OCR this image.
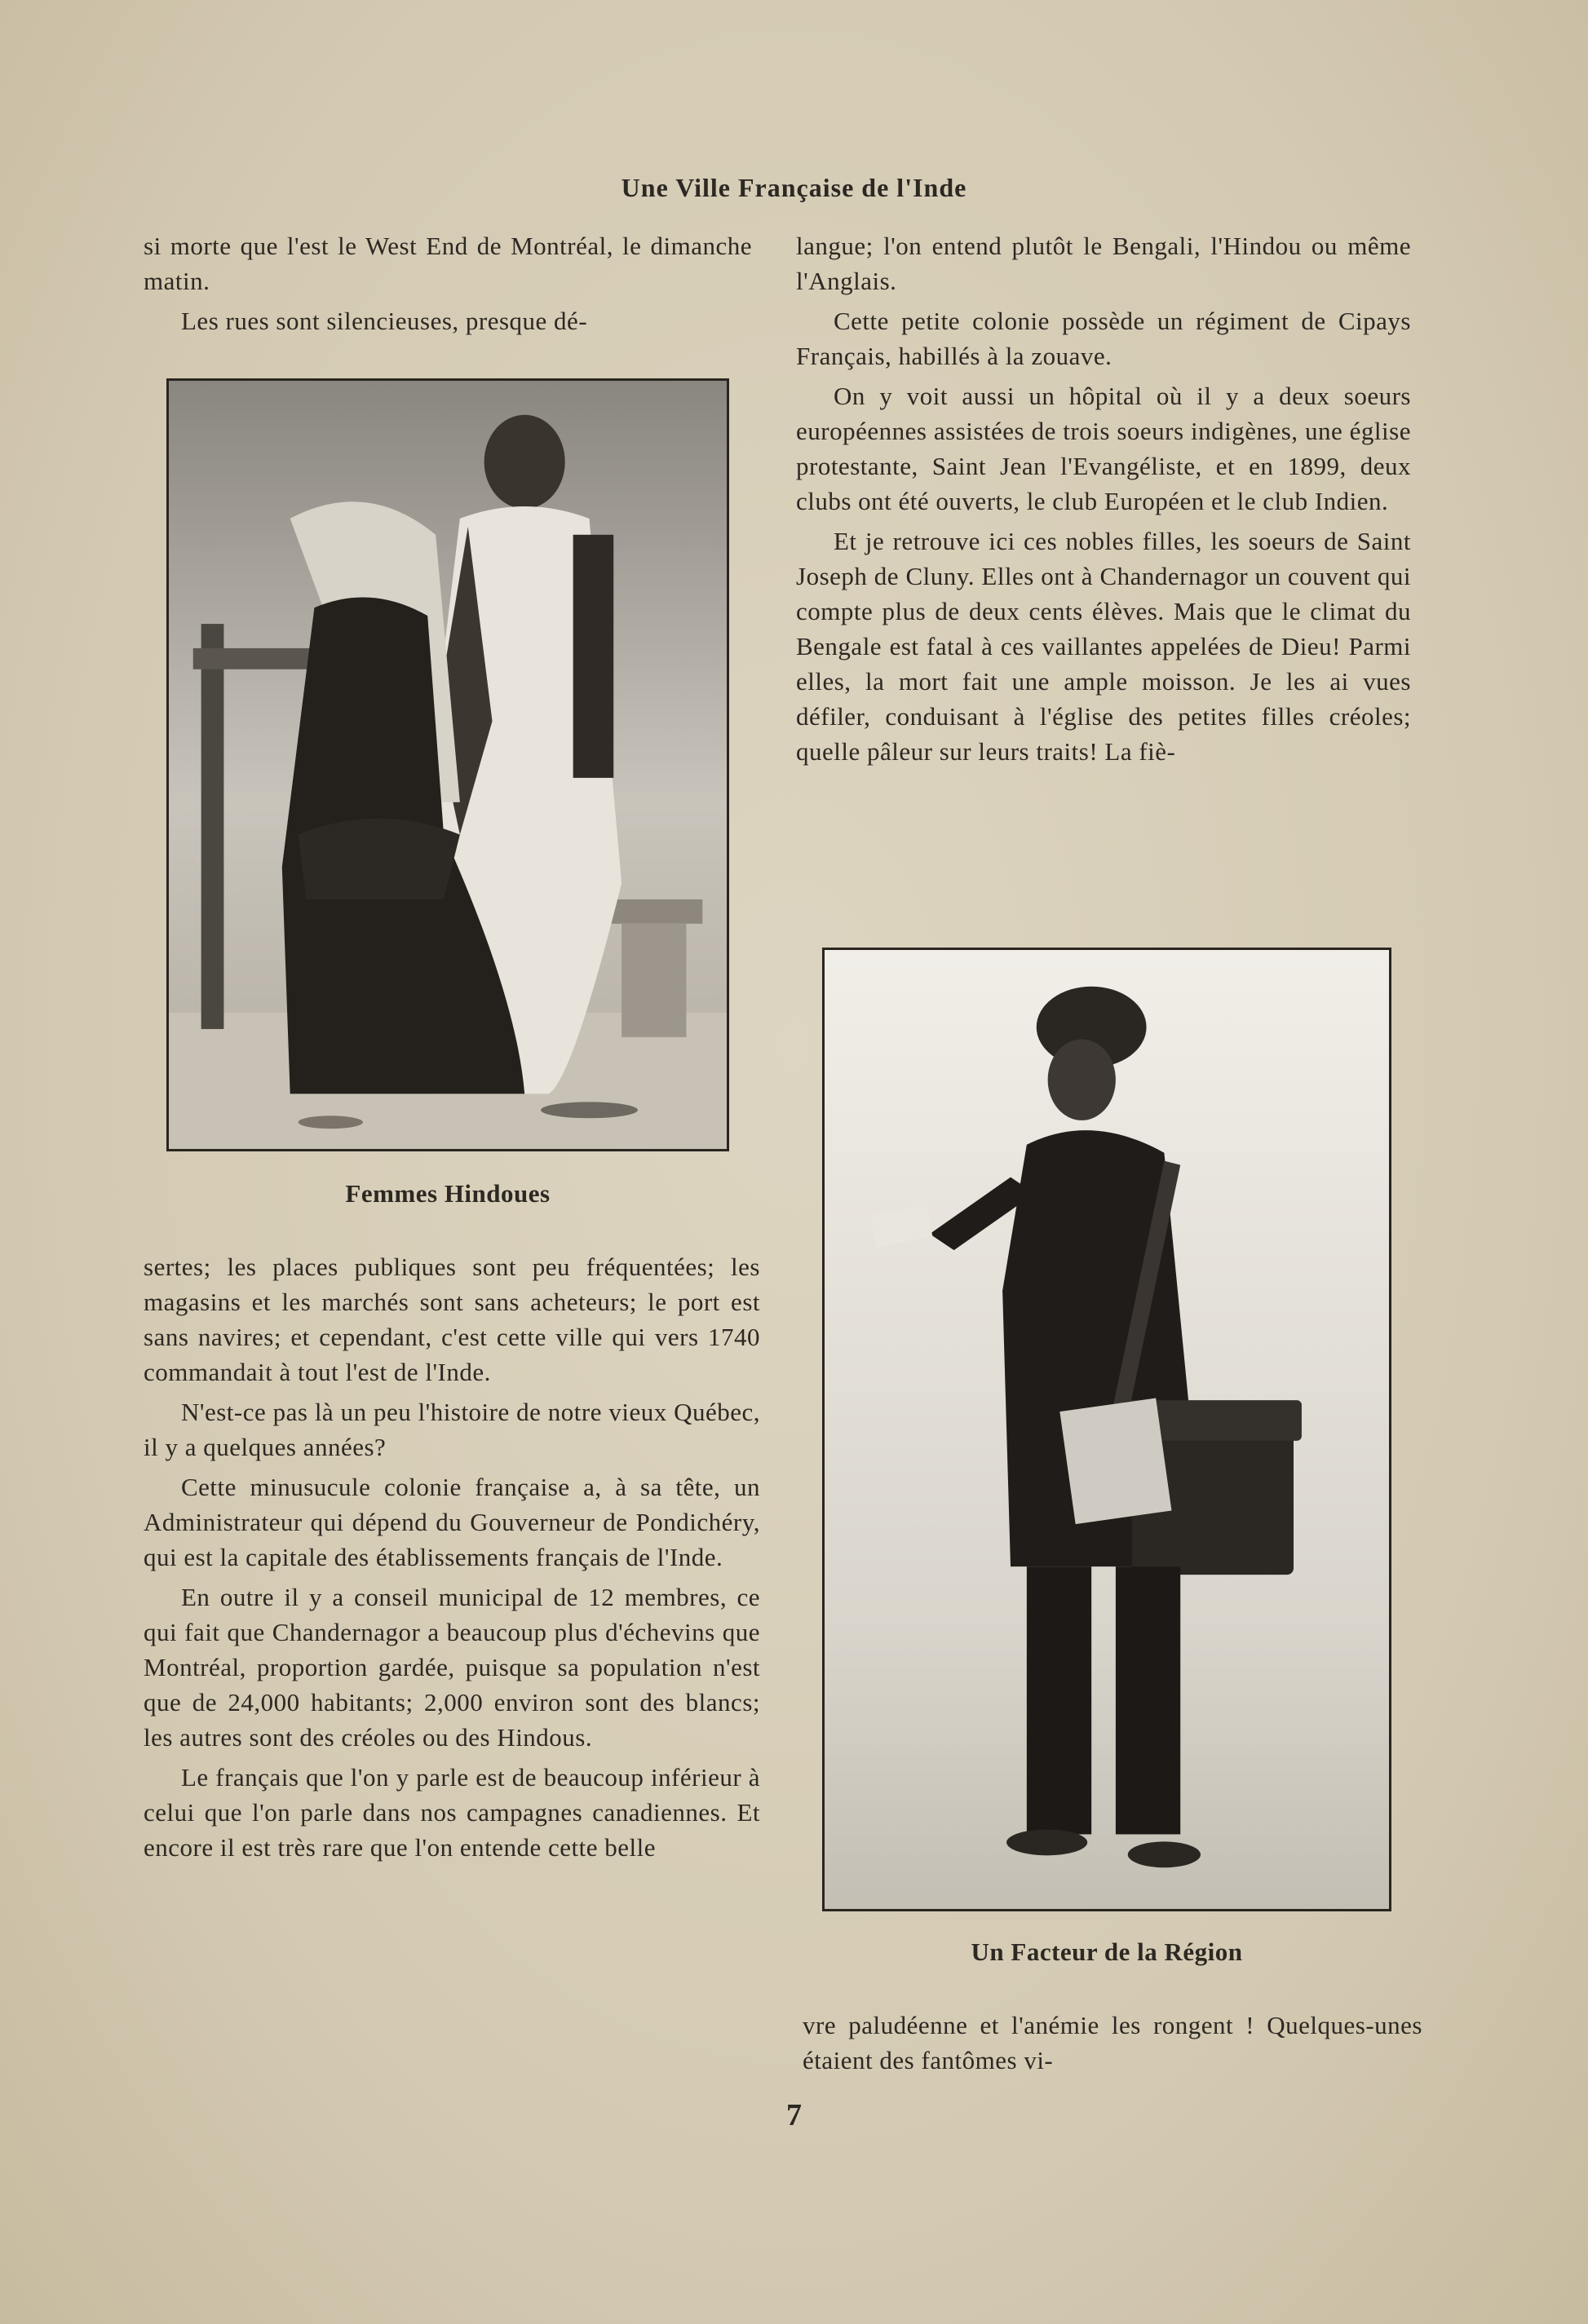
Une Ville Française de l'Inde

si morte que l'est le West End de Montréal, le dimanche matin.

Les rues sont silencieuses, presque dé-

Femmes Hindoues

sertes; les places publiques sont peu fréquentées; les magasins et les marchés sont sans acheteurs; le port est sans navires; et cependant, c'est cette ville qui vers 1740 commandait à tout l'est de l'Inde.

N'est-ce pas là un peu l'histoire de notre vieux Québec, il y a quelques années?

Cette minusucule colonie française a, à sa tête, un Administrateur qui dépend du Gouverneur de Pondichéry, qui est la capitale des établissements français de l'Inde.

En outre il y a conseil municipal de 12 membres, ce qui fait que Chandernagor a beaucoup plus d'échevins que Montréal, proportion gardée, puisque sa population n'est que de 24,000 habitants; 2,000 environ sont des blancs; les autres sont des créoles ou des Hindous.

Le français que l'on y parle est de beaucoup inférieur à celui que l'on parle dans nos campagnes canadiennes. Et encore il est très rare que l'on entende cette belle

langue; l'on entend plutôt le Bengali, l'Hindou ou même l'Anglais.

Cette petite colonie possède un régiment de Cipays Français, habillés à la zouave.

On y voit aussi un hôpital où il y a deux soeurs européennes assistées de trois soeurs indigènes, une église protestante, Saint Jean l'Evangéliste, et en 1899, deux clubs ont été ouverts, le club Européen et le club Indien.

Et je retrouve ici ces nobles filles, les soeurs de Saint Joseph de Cluny. Elles ont à Chandernagor un couvent qui compte plus de deux cents élèves. Mais que le climat du Bengale est fatal à ces vaillantes appelées de Dieu! Parmi elles, la mort fait une ample moisson. Je les ai vues défiler, conduisant à l'église des petites filles créoles; quelle pâleur sur leurs traits! La fiè-

Un Facteur de la Région

vre paludéenne et l'anémie les rongent ! Quelques-unes étaient des fantômes vi-

7
